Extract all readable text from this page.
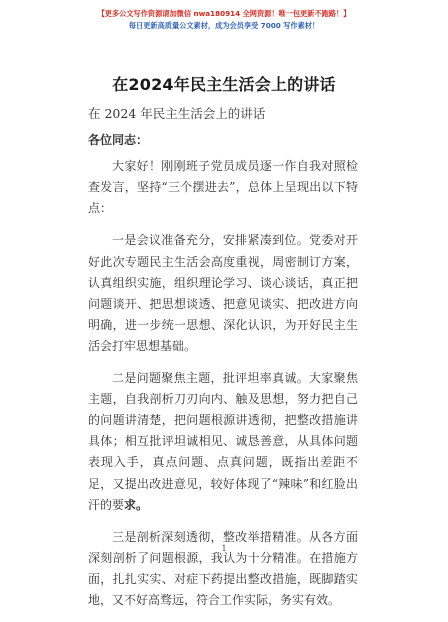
【更多公文写作资源请加微信 nwa180914 全网资源！唯一包更新不跑路！】
每日更新高质量公文素材，成为会员享受 7000 写作素材！
在2024年民主生活会上的讲话

在 2024 年民主生活会上的讲话

各位同志：

大家好！刚刚班子党员成员逐一作自我对照检查发言，坚持“三个摆进去”，总体上呈现出以下特点：

一是会议准备充分，安排紧凑到位。党委对开好此次专题民主生活会高度重视，周密制订方案，认真组织实施，组织理论学习、谈心谈话，真正把问题谈开、把思想谈透、把意见谈实、把改进方向明确，进一步统一思想、深化认识，为开好民主生活会打牢思想基础。

二是问题聚焦主题，批评坦率真诚。大家聚焦主题，自我剖析刀刃向内、触及思想，努力把自己的问题讲清楚，把问题根源讲透彻，把整改措施讲具体；相互批评坦诚相见、诚恳善意，从具体问题表现入手，真点问题、点真问题，既指出差距不足，又提出改进意见，较好体现了“辣味”和红脸出汗的要求。

三是剖析深刻透彻，整改举措精准。从各方面深刻剖析了问题根源，我认为十分精准。在措施方面，扎扎实实、对症下药提出整改措施，既脚踏实地，又不好高骛远，符合工作实际，务实有效。

1
